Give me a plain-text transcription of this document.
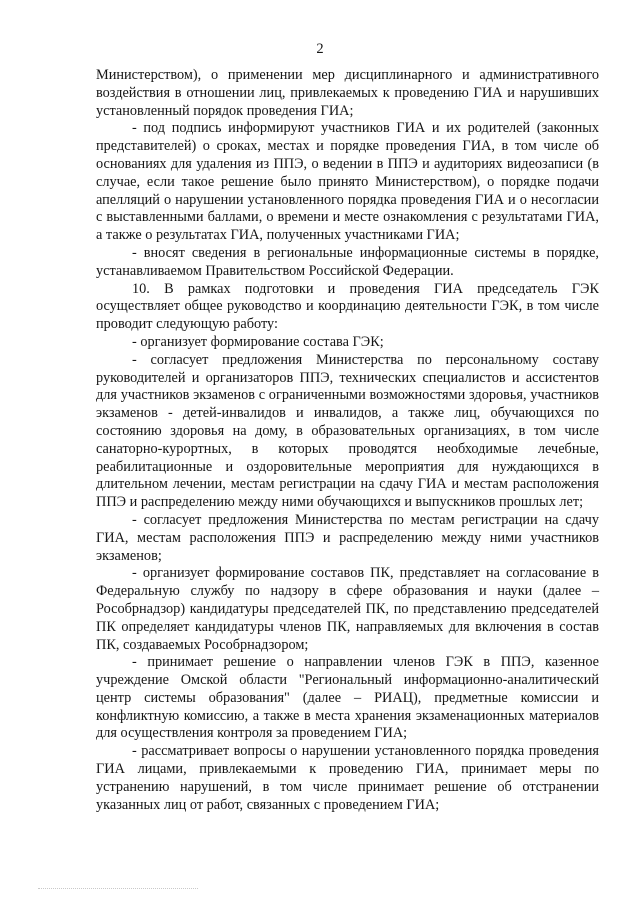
2

Министерством), о применении мер дисциплинарного и административного воздействия в отношении лиц, привлекаемых к проведению ГИА и нарушивших установленный порядок проведения ГИА;

- под подпись информируют участников ГИА и их родителей (законных представителей) о сроках, местах и порядке проведения ГИА, в том числе об основаниях для удаления из ППЭ, о ведении в ППЭ и аудиториях видеозаписи (в случае, если такое решение было принято Министерством), о порядке подачи апелляций о нарушении установленного порядка проведения ГИА и о несогласии с выставленными баллами, о времени и месте ознакомления с результатами ГИА, а также о результатах ГИА, полученных участниками ГИА;

- вносят сведения в региональные информационные системы в порядке, устанавливаемом Правительством Российской Федерации.

10. В рамках подготовки и проведения ГИА председатель ГЭК осуществляет общее руководство и координацию деятельности ГЭК, в том числе проводит следующую работу:

- организует формирование состава ГЭК;

- согласует предложения Министерства по персональному составу руководителей и организаторов ППЭ, технических специалистов и ассистентов для участников экзаменов с ограниченными возможностями здоровья, участников экзаменов - детей-инвалидов и инвалидов, а также лиц, обучающихся по состоянию здоровья на дому, в образовательных организациях, в том числе санаторно-курортных, в которых проводятся необходимые лечебные, реабилитационные и оздоровительные мероприятия для нуждающихся в длительном лечении, местам регистрации на сдачу ГИА и местам расположения ППЭ и распределению между ними обучающихся и выпускников прошлых лет;

- согласует предложения Министерства по местам регистрации на сдачу ГИА, местам расположения ППЭ и распределению между ними участников экзаменов;

- организует формирование составов ПК, представляет на согласование в Федеральную службу по надзору в сфере образования и науки (далее – Рособрнадзор) кандидатуры председателей ПК, по представлению председателей ПК определяет кандидатуры членов ПК, направляемых для включения в состав ПК, создаваемых Рособрнадзором;

- принимает решение о направлении членов ГЭК в ППЭ, казенное учреждение Омской области "Региональный информационно-аналитический центр системы образования" (далее – РИАЦ), предметные комиссии и конфликтную комиссию, а также в места хранения экзаменационных материалов для осуществления контроля за проведением ГИА;

- рассматривает вопросы о нарушении установленного порядка проведения ГИА лицами, привлекаемыми к проведению ГИА, принимает меры по устранению нарушений, в том числе принимает решение об отстранении указанных лиц от работ, связанных с проведением ГИА;
